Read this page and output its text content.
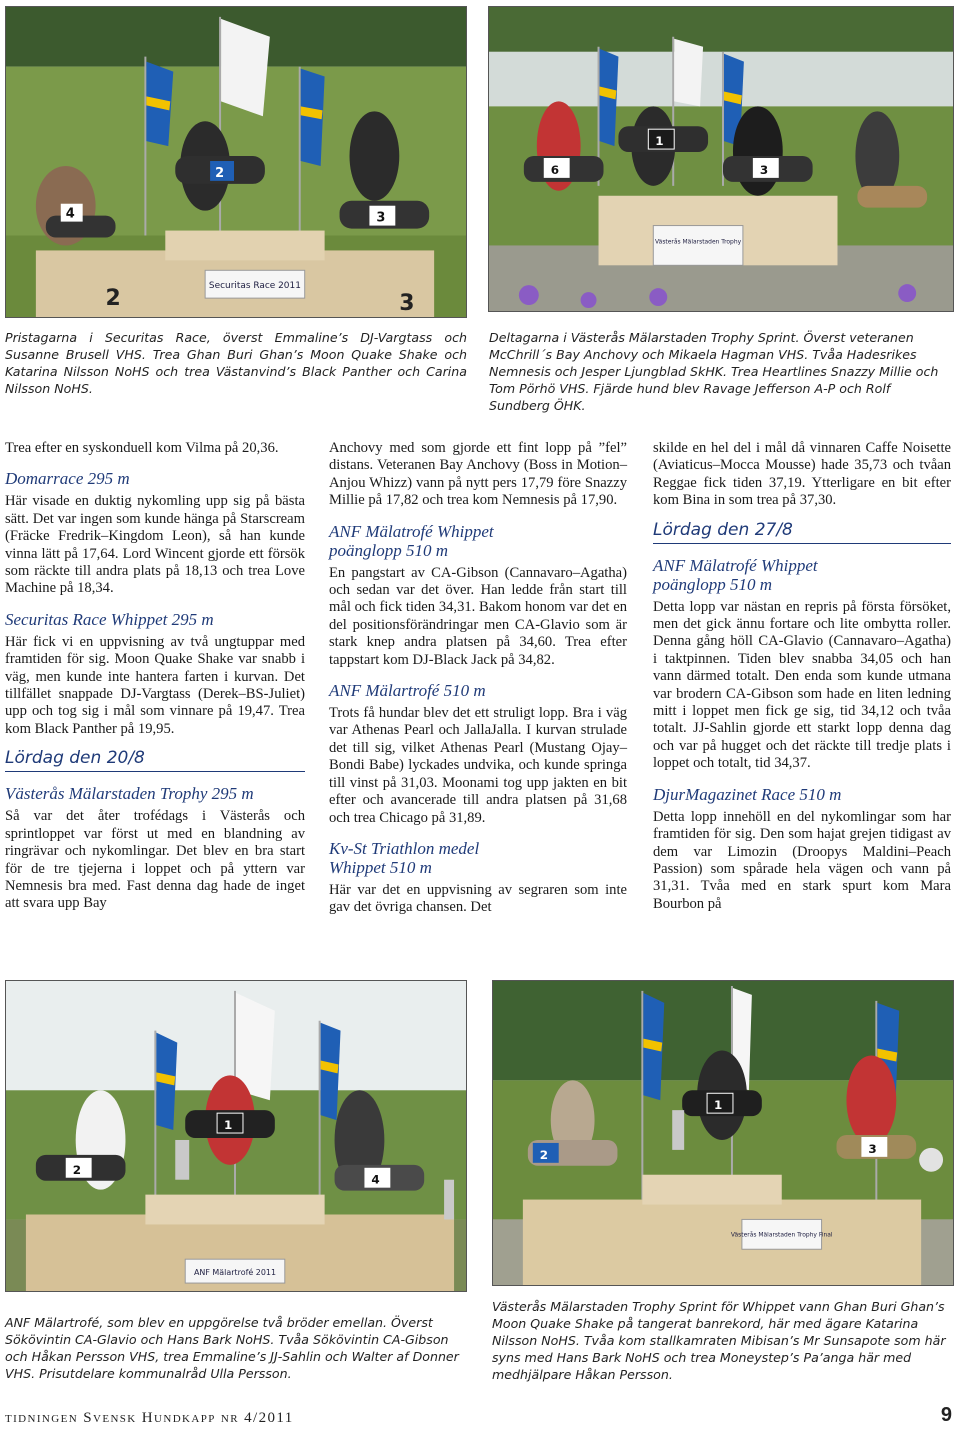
Securitas Race 2011
2	3
4
2
3
Västerås Mälarstaden Trophy
6
1
3
Pristagarna i Securitas Race, överst Emmaline’s DJ-Vargtass och Susanne Brusell VHS. Trea Ghan Buri Ghan’s Moon Quake Shake och Katarina Nilsson NoHS och trea Västanvind’s Black Panther och Carina Nilsson NoHS.
Deltagarna i Västerås Mälarstaden Trophy Sprint. Överst veteranen McChrill´s Bay Anchovy och Mikaela Hagman VHS. Tvåa Hadesrikes Nemnesis och Jesper Ljungblad SkHK. Trea Heartlines Snazzy Millie och Tom Pörhö VHS. Fjärde hund blev Ravage Jefferson A-P och Rolf Sundberg ÖHK.

Trea efter en syskonduell kom Vilma på 20,36.

Domarrace 295 m

Här visade en duktig nykomling upp sig på bästa sätt. Det var ingen som kunde hänga på Starscream (Fräcke Fredrik–Kingdom Leon), så han kunde vinna lätt på 17,64. Lord Wincent gjorde ett försök som räckte till andra plats på 18,13 och trea Love Machine på 18,34.

Securitas Race Whippet 295 m

Här fick vi en uppvisning av två ungtuppar med framtiden för sig. Moon Quake Shake var snabb i väg, men kunde inte hantera farten i kurvan. Det tillfället snappade DJ-Vargtass (Derek–BS-Juliet) upp och tog sig i mål som vinnare på 19,47. Trea kom Black Panther på 19,95.

Lördag den 20/8
Västerås Mälarstaden Trophy 295 m

Så var det åter trofédags i Västerås och sprintloppet var först ut med en blandning av ringrävar och nykomlingar. Det blev en bra start för de tre tjejerna i loppet och på yttern var Nemnesis bra med. Fast denna dag hade de inget att svara upp Bay

Anchovy med som gjorde ett fint lopp på ”fel” distans. Veteranen Bay Anchovy (Boss in Motion–Anjou Whizz) vann på nytt pers 17,79 före Snazzy Millie på 17,82 och trea kom Nemnesis på 17,90.

ANF Mälatrofé Whippet
poänglopp 510 m

En pangstart av CA-Gibson (Cannavaro–Agatha) och sedan var det över. Han ledde från start till mål och fick tiden 34,31. Bakom honom var det en del positionsförändringar men CA-Glavio som är stark knep andra platsen på 34,60. Trea efter tappstart kom DJ-Black Jack på 34,82.

ANF Mälartrofé 510 m

Trots få hundar blev det ett struligt lopp. Bra i väg var Athenas Pearl och JallaJalla. I kurvan strulade det till sig, vilket Athenas Pearl (Mustang Ojay–Bondi Babe) lyckades undvika, och kunde springa till vinst på 31,03. Moonami tog upp jakten en bit efter och avancerade till andra platsen på 31,68 och trea Chicago på 31,89.

Kv-St Triathlon medel
Whippet 510 m

Här var det en uppvisning av segraren som inte gav det övriga chansen. Det

skilde en hel del i mål då vinnaren Caffe Noisette (Aviaticus–Mocca Mousse) hade 35,73 och tvåan Reggae fick tiden 37,19. Ytterligare en bit efter kom Bina in som trea på 37,30.

Lördag den 27/8
ANF Mälatrofé Whippet
poänglopp 510 m

Detta lopp var nästan en repris på första försöket, men det gick ännu fortare och lite ombytta roller. Denna gång höll CA-Glavio (Cannavaro–Agatha) i taktpinnen. Tiden blev snabba 34,05 och han vann därmed totalt. Den enda som kunde utmana var brodern CA-Gibson som hade en liten ledning mitt i loppet men fick ge sig, tid 34,12 och tvåa totalt. JJ-Sahlin gjorde ett starkt lopp denna dag och var på hugget och det räckte till tredje plats i loppet och totalt, tid 34,37.

DjurMagazinet Race 510 m

Detta lopp innehöll en del nykomlingar som har framtiden för sig. Den som hajat grejen tidigast av dem var Limozin (Droopys Maldini–Peach Passion) som spårade hela vägen och vann på 31,31. Tvåa med en stark spurt kom Mara Bourbon på

ANF Mälartrofé 2011
2
1
4
Västerås Mälarstaden Trophy Final
2
1
3
ANF Mälartrofé, som blev en uppgörelse två bröder emellan. Överst Sökövintin CA-Glavio och Hans Bark NoHS. Tvåa Sökövintin CA-Gibson och Håkan Persson VHS, trea Emmaline’s JJ-Sahlin och Walter af Donner VHS. Prisutdelare kommunalråd Ulla Persson.
Västerås Mälarstaden Trophy Sprint för Whippet vann Ghan Buri Ghan’s Moon Quake Shake på tangerat banrekord, här med ägare Katarina Nilsson NoHS. Tvåa kom stallkamraten Mibisan’s Mr Sunsapote som här syns med Hans Bark NoHS och trea Moneystep’s Pa’anga här med medhjälpare Håkan Persson.
tidningen Svensk Hundkapp nr 4/2011	9
